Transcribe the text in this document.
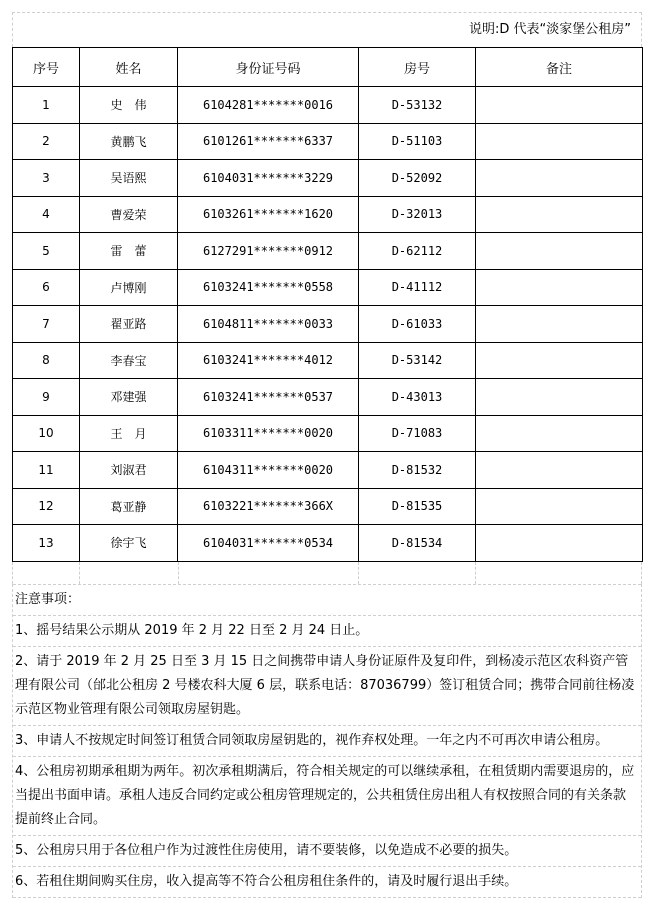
说明:D 代表“淡家堡公租房”
序号	姓名	身份证号码	房号	备注
1	史　伟	6104281*******0016	D-53132	
2	黄鹏飞	6101261*******6337	D-51103	
3	吴语熙	6104031*******3229	D-52092	
4	曹爱荣	6103261*******1620	D-32013	
5	雷　蕾	6127291*******0912	D-62112	
6	卢博刚	6103241*******0558	D-41112	
7	翟亚路	6104811*******0033	D-61033	
8	李春宝	6103241*******4012	D-53142	
9	邓建强	6103241*******0537	D-43013	
10	王　月	6103311*******0020	D-71083	
11	刘淑君	6104311*******0020	D-81532	
12	葛亚静	6103221*******366X	D-81535	
13	徐宇飞	6104031*******0534	D-81534	
注意事项：
1、摇号结果公示期从 2019 年 2 月 22 日至 2 月 24 日止。
2、请于 2019 年 2 月 25 日至 3 月 15 日之间携带申请人身份证原件及复印件，到杨凌示范区农科资产管理有限公司（邰北公租房 2 号楼农科大厦 6 层，联系电话：87036799）签订租赁合同；携带合同前往杨凌示范区物业管理有限公司领取房屋钥匙。
3、申请人不按规定时间签订租赁合同领取房屋钥匙的，视作弃权处理。一年之内不可再次申请公租房。
4、公租房初期承租期为两年。初次承租期满后，符合相关规定的可以继续承租，在租赁期内需要退房的，应当提出书面申请。承租人违反合同约定或公租房管理规定的，公共租赁住房出租人有权按照合同的有关条款提前终止合同。
5、公租房只用于各位租户作为过渡性住房使用，请不要装修，以免造成不必要的损失。
6、若租住期间购买住房，收入提高等不符合公租房租住条件的，请及时履行退出手续。
